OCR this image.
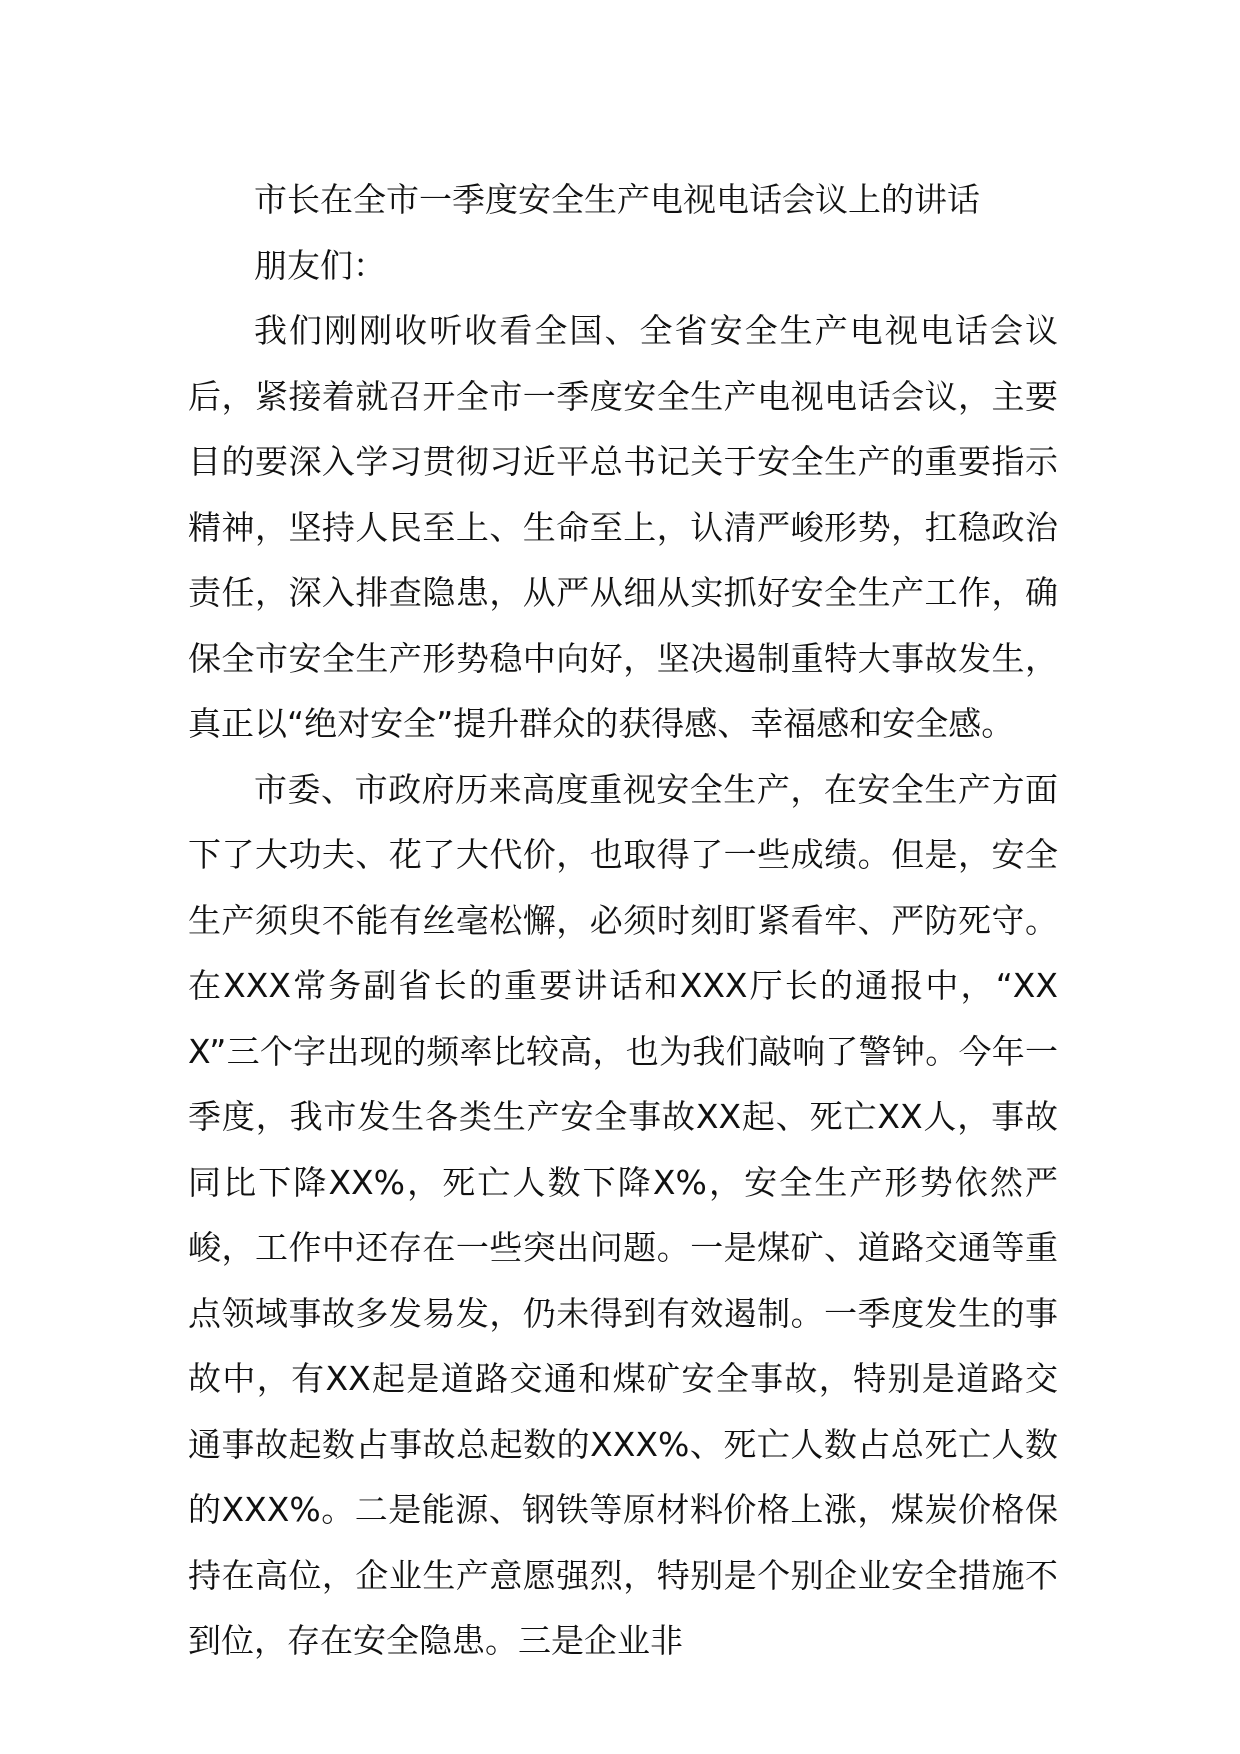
市长在全市一季度安全生产电视电话会议上的讲话

朋友们：

我们刚刚收听收看全国、全省安全生产电视电话会议后，紧接着就召开全市一季度安全生产电视电话会议，主要目的要深入学习贯彻习近平总书记关于安全生产的重要指示精神，坚持人民至上、生命至上，认清严峻形势，扛稳政治责任，深入排查隐患，从严从细从实抓好安全生产工作，确保全市安全生产形势稳中向好，坚决遏制重特大事故发生，真正以“绝对安全”提升群众的获得感、幸福感和安全感。

市委、市政府历来高度重视安全生产，在安全生产方面下了大功夫、花了大代价，也取得了一些成绩。但是，安全生产须臾不能有丝毫松懈，必须时刻盯紧看牢、严防死守。在XXX常务副省长的重要讲话和XXX厅长的通报中，“XXX”三个字出现的频率比较高，也为我们敲响了警钟。今年一季度，我市发生各类生产安全事故XX起、死亡XX人，事故同比下降XX%，死亡人数下降X%，安全生产形势依然严峻，工作中还存在一些突出问题。一是煤矿、道路交通等重点领域事故多发易发，仍未得到有效遏制。一季度发生的事故中，有XX起是道路交通和煤矿安全事故，特别是道路交通事故起数占事故总起数的XXX%、死亡人数占总死亡人数的XXX%。二是能源、钢铁等原材料价格上涨，煤炭价格保持在高位，企业生产意愿强烈，特别是个别企业安全措施不到位，存在安全隐患。三是企业非
